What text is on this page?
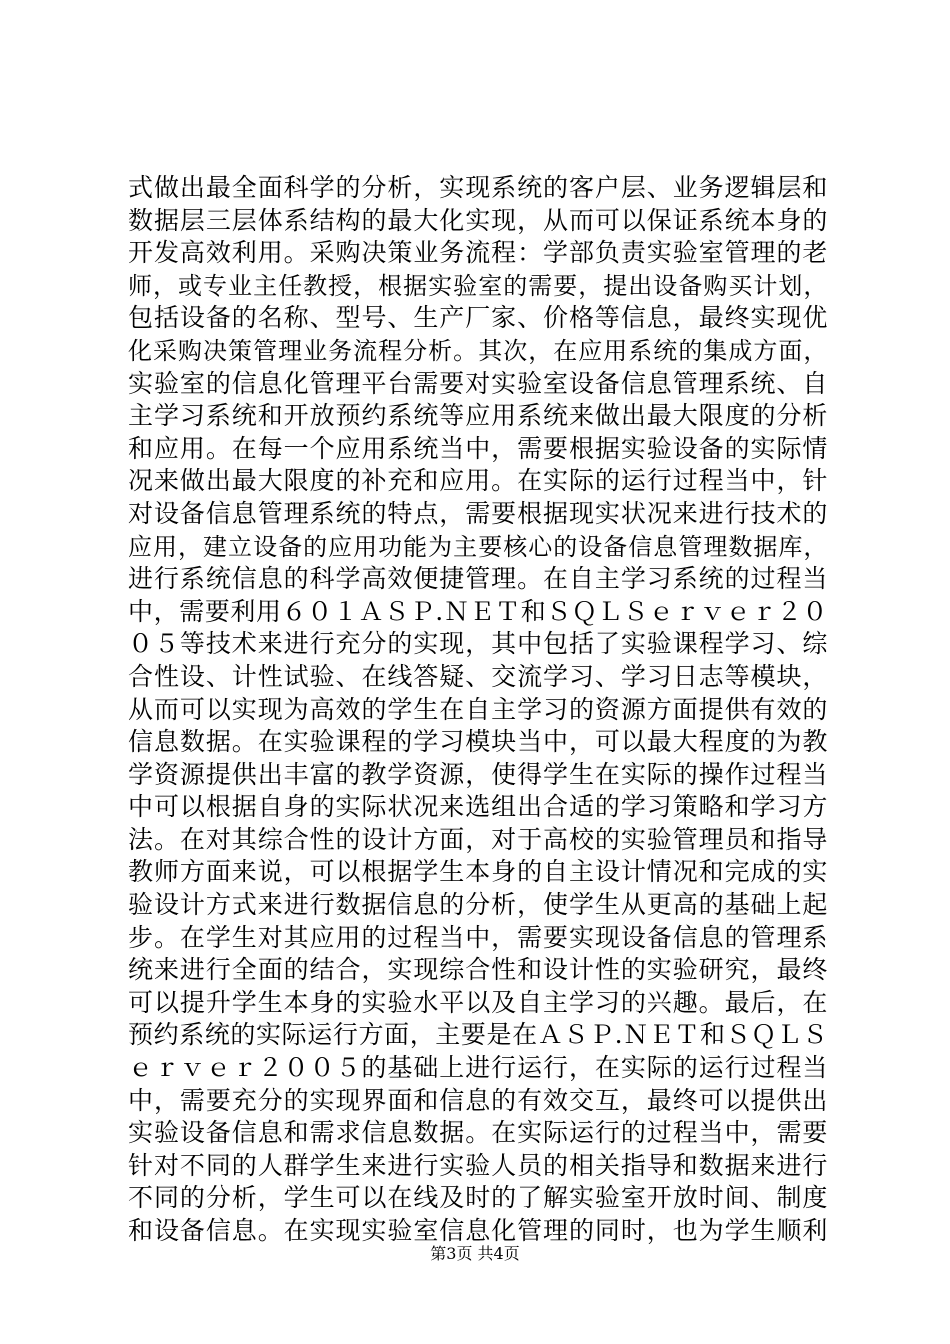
式做出最全面科学的分析，实现系统的客户层、业务逻辑层和
数据层三层体系结构的最大化实现，从而可以保证系统本身的
开发高效利用。采购决策业务流程：学部负责实验室管理的老
师，或专业主任教授，根据实验室的需要，提出设备购买计划，
包括设备的名称、型号、生产厂家、价格等信息，最终实现优
化采购决策管理业务流程分析。其次，在应用系统的集成方面，
实验室的信息化管理平台需要对实验室设备信息管理系统、自
主学习系统和开放预约系统等应用系统来做出最大限度的分析
和应用。在每一个应用系统当中，需要根据实验设备的实际情
况来做出最大限度的补充和应用。在实际的运行过程当中，针
对设备信息管理系统的特点，需要根据现实状况来进行技术的
应用，建立设备的应用功能为主要核心的设备信息管理数据库，
进行系统信息的科学高效便捷管理。在自主学习系统的过程当
中，需要利用６０１ＡＳＰ.ＮＥＴ和ＳＱＬＳｅｒｖｅｒ２０
０５等技术来进行充分的实现，其中包括了实验课程学习、综
合性设、计性试验、在线答疑、交流学习、学习日志等模块，
从而可以实现为高效的学生在自主学习的资源方面提供有效的
信息数据。在实验课程的学习模块当中，可以最大程度的为教
学资源提供出丰富的教学资源，使得学生在实际的操作过程当
中可以根据自身的实际状况来选组出合适的学习策略和学习方
法。在对其综合性的设计方面，对于高校的实验管理员和指导
教师方面来说，可以根据学生本身的自主设计情况和完成的实
验设计方式来进行数据信息的分析，使学生从更高的基础上起
步。在学生对其应用的过程当中，需要实现设备信息的管理系
统来进行全面的结合，实现综合性和设计性的实验研究，最终
可以提升学生本身的实验水平以及自主学习的兴趣。最后，在
预约系统的实际运行方面，主要是在ＡＳＰ.ＮＥＴ和ＳＱＬＳ
ｅｒｖｅｒ２００５的基础上进行运行，在实际的运行过程当
中，需要充分的实现界面和信息的有效交互，最终可以提供出
实验设备信息和需求信息数据。在实际运行的过程当中，需要
针对不同的人群学生来进行实验人员的相关指导和数据来进行
不同的分析，学生可以在线及时的了解实验室开放时间、制度
和设备信息。在实现实验室信息化管理的同时，也为学生顺利
第3页 共4页
